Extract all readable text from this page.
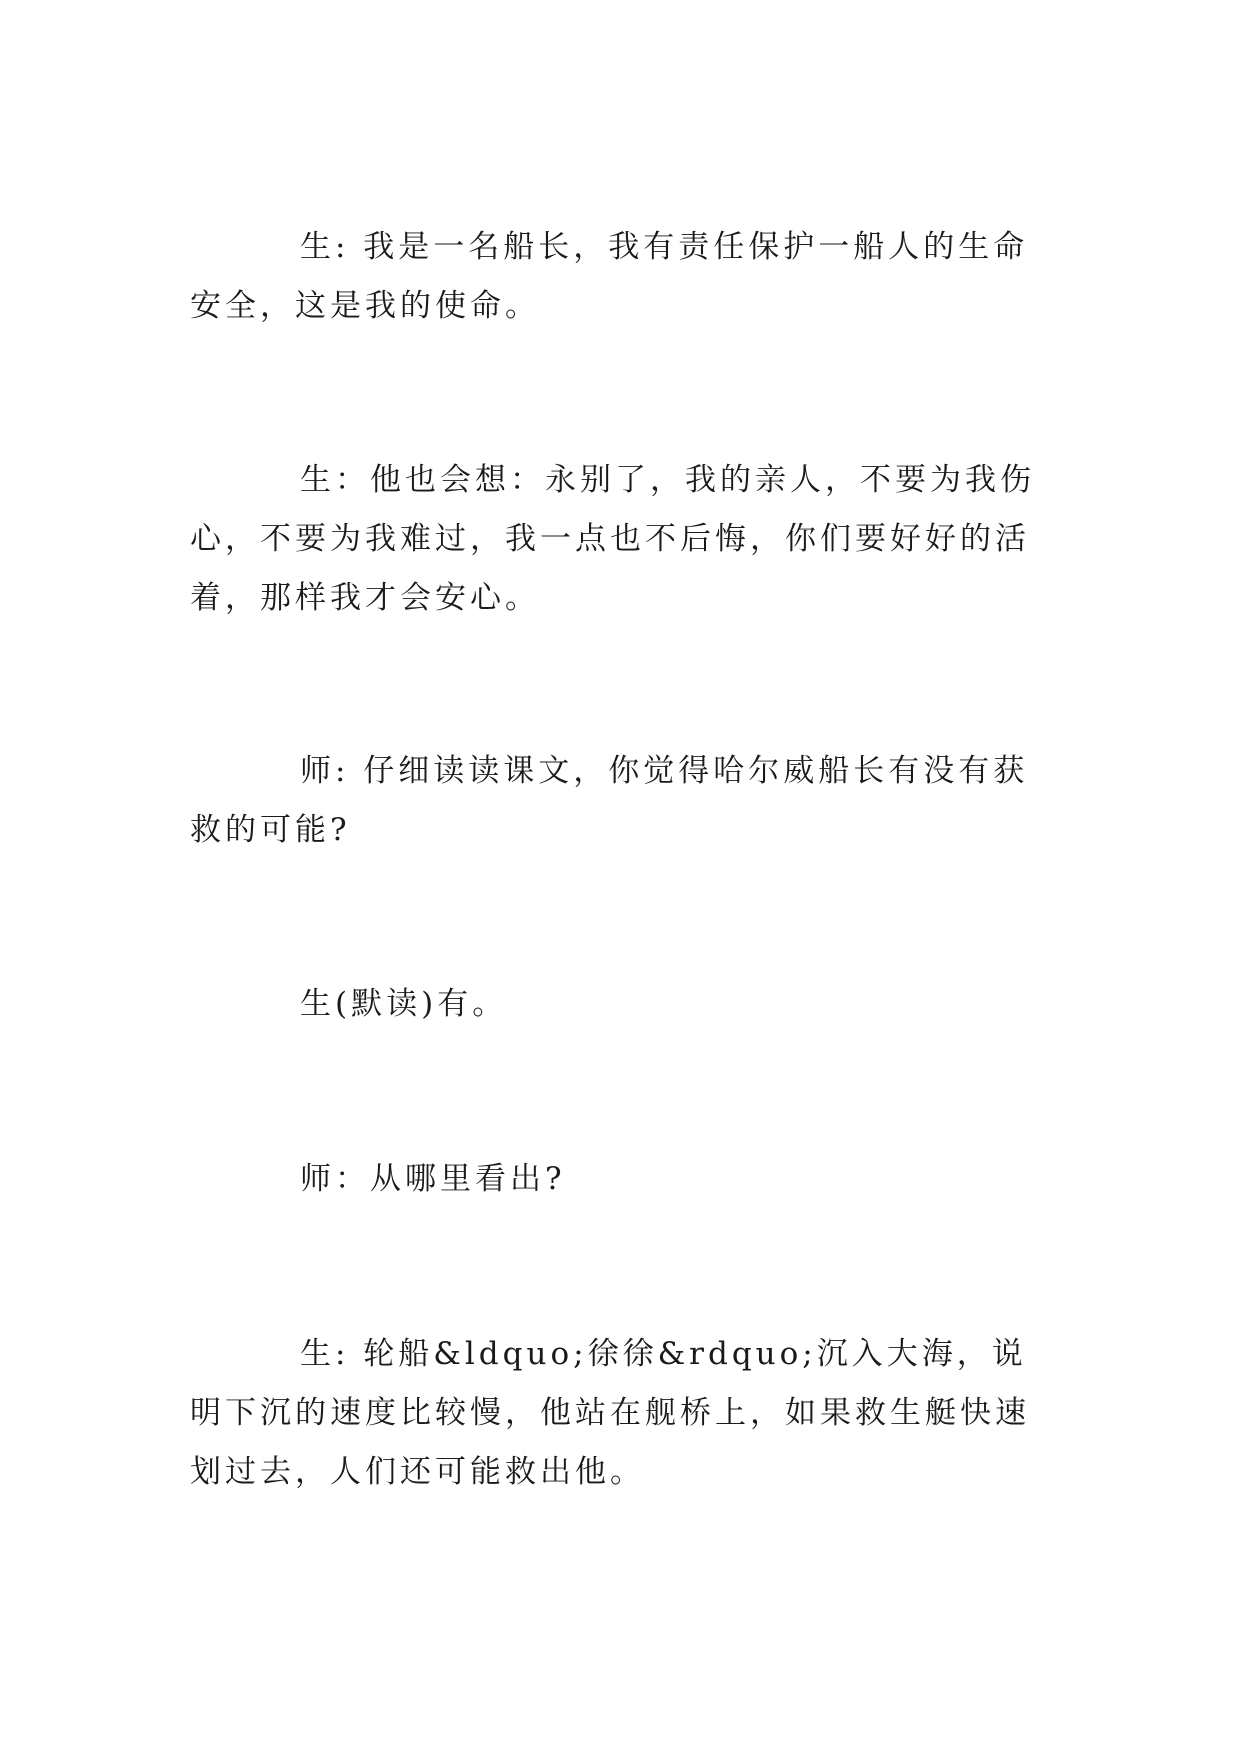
生: 我是一名船长，我有责任保护一船人的生命安全，这是我的使命。

生：他也会想：永别了，我的亲人，不要为我伤心，不要为我难过，我一点也不后悔，你们要好好的活着，那样我才会安心。

师: 仔细读读课文，你觉得哈尔威船长有没有获救的可能?

生(默读)有。

师：从哪里看出?

生: 轮船&ldquo;徐徐&rdquo;沉入大海，说明下沉的速度比较慢，他站在舰桥上，如果救生艇快速划过去，人们还可能救出他。
